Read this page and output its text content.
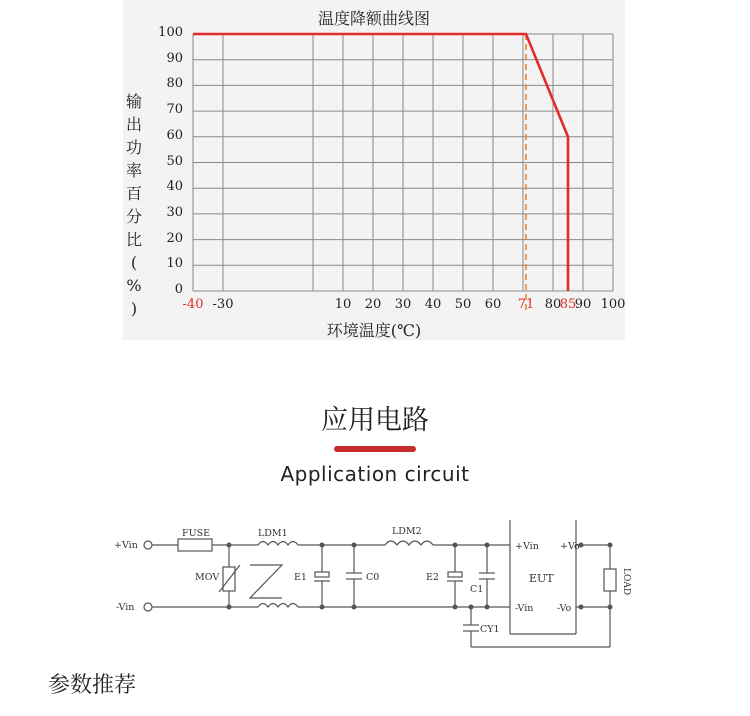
温度降额曲线图
输
出
功
率
百
分
比
(
%
)
100
90
80
70
60
50
40
30
20
10
0
-40 -30	10 20 30 40 50 60 71 80
85
90 100
环境温度(℃)
应用电路
Application circuit
+Vin
-Vin
FUSE	LDM1
MOV	E1	C0
LDM2
E2
C1
+Vin
-Vin
EUT
+Vo
-Vo
CY1
LOAD
参数推荐
